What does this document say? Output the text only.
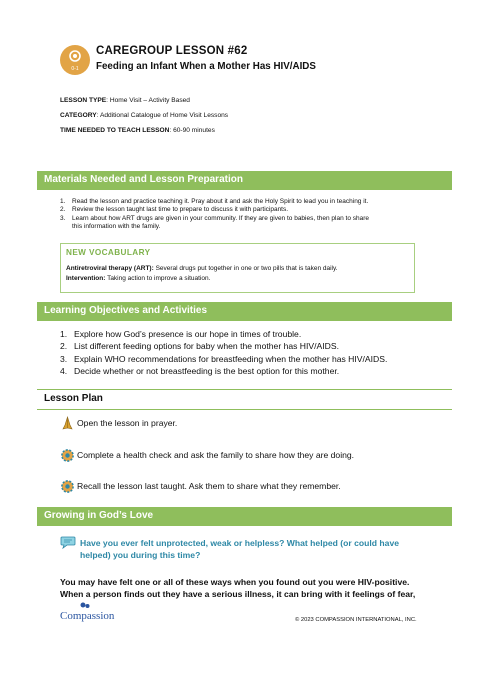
0-1
CAREGROUP LESSON #62
Feeding an Infant When a Mother Has HIV/AIDS
LESSON TYPE: Home Visit – Activity Based
CATEGORY: Additional Catalogue of Home Visit Lessons
TIME NEEDED TO TEACH LESSON: 60-90 minutes
Materials Needed and Lesson Preparation
1. Read the lesson and practice teaching it. Pray about it and ask the Holy Spirit to lead you in teaching it.
2. Review the lesson taught last time to prepare to discuss it with participants.
3. Learn about how ART drugs are given in your community. If they are given to babies, then plan to share
this information with the family.
NEW VOCABULARY
Antiretroviral therapy (ART): Several drugs put together in one or two pills that is taken daily.
Intervention: Taking action to improve a situation.
Learning Objectives and Activities
1. Explore how God’s presence is our hope in times of trouble.
2. List different feeding options for baby when the mother has HIV/AIDS.
3. Explain WHO recommendations for breastfeeding when the mother has HIV/AIDS.
4. Decide whether or not breastfeeding is the best option for this mother.
Lesson Plan
Open the lesson in prayer.
Complete a health check and ask the family to share how they are doing.
Recall the lesson last taught. Ask them to share what they remember.
Growing in God’s Love
Have you ever felt unprotected, weak or helpless? What helped (or could have
helped) you during this time?
You may have felt one or all of these ways when you found out you were HIV-positive.
When a person finds out they have a serious illness, it can bring with it feelings of fear,
Compassion	© 2023 COMPASSION INTERNATIONAL, INC.
